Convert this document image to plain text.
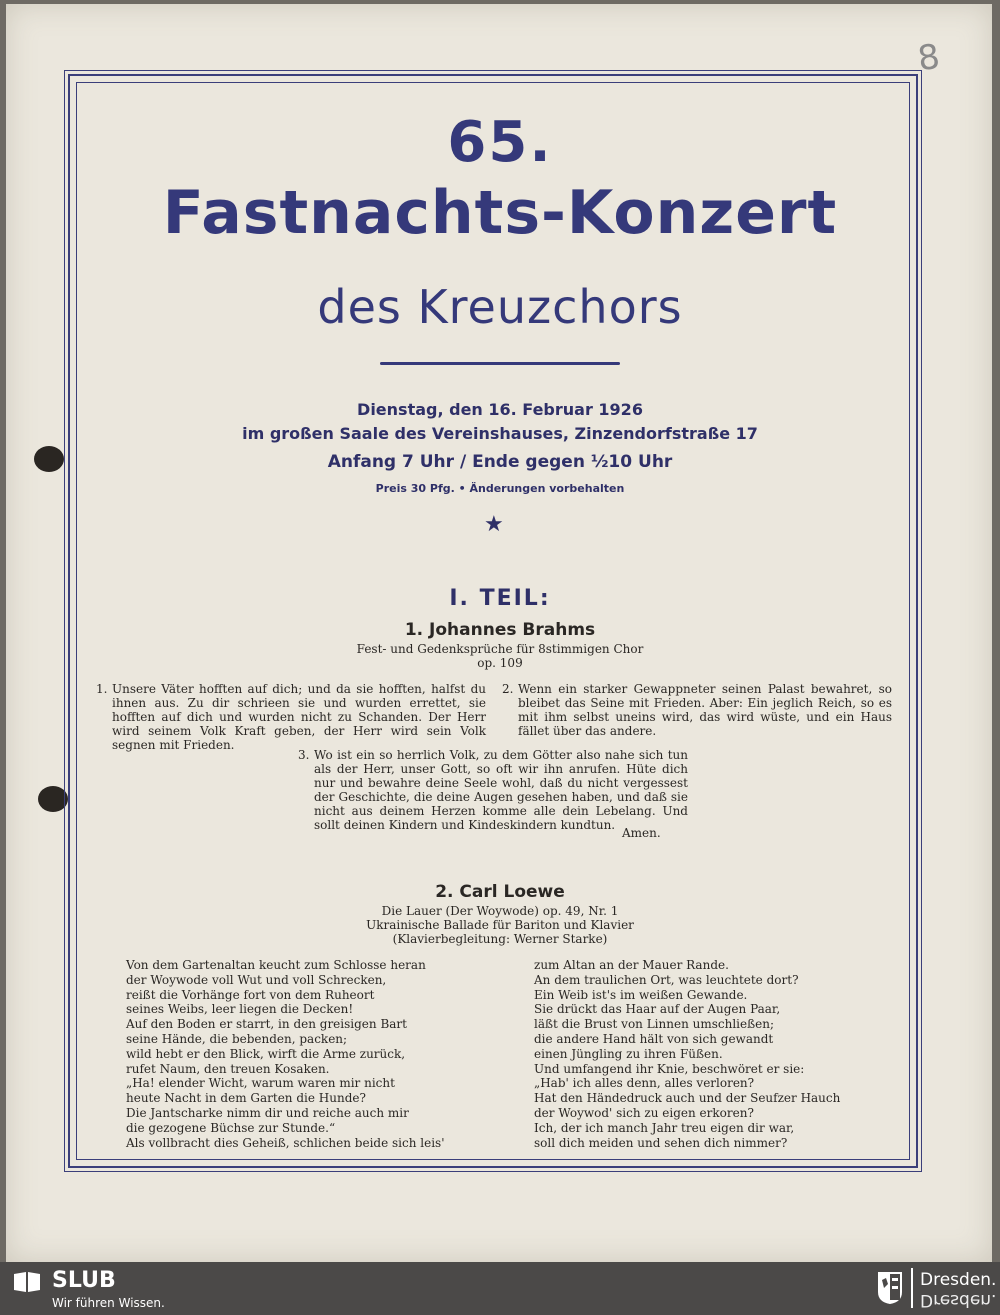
8
65.
Fastnachts-Konzert
des Kreuzchors
Dienstag, den 16. Februar 1926
im großen Saale des Vereinshauses, Zinzendorfstraße 17
Anfang 7 Uhr / Ende gegen ½10 Uhr
Preis 30 Pfg. • Änderungen vorbehalten
★
I. TEIL:
1. Johannes Brahms
Fest- und Gedenksprüche für 8stimmigen Chor
op. 109
1. Unsere Väter hofften auf dich; und da sie hofften, halfst du ihnen aus. Zu dir schrieen sie und wurden errettet, sie hofften auf dich und wurden nicht zu Schanden. Der Herr wird seinem Volk Kraft geben, der Herr wird sein Volk segnen mit Frieden.

2. Wenn ein starker Gewappneter seinen Palast bewahret, so bleibet das Seine mit Frieden. Aber: Ein jeglich Reich, so es mit ihm selbst uneins wird, das wird wüste, und ein Haus fället über das andere.

3. Wo ist ein so herrlich Volk, zu dem Götter also nahe sich tun als der Herr, unser Gott, so oft wir ihn anrufen. Hüte dich nur und bewahre deine Seele wohl, daß du nicht vergessest der Geschichte, die deine Augen gesehen haben, und daß sie nicht aus deinem Herzen komme alle dein Lebelang. Und sollt deinen Kindern und Kindeskindern kundtun.

Amen.
2. Carl Loewe
Die Lauer (Der Woywode) op. 49, Nr. 1
Ukrainische Ballade für Bariton und Klavier
(Klavierbegleitung: Werner Starke)
Von dem Gartenaltan keucht zum Schlosse heran
der Woywode voll Wut und voll Schrecken,
reißt die Vorhänge fort von dem Ruheort
seines Weibs, leer liegen die Decken!
Auf den Boden er starrt, in den greisigen Bart
seine Hände, die bebenden, packen;
wild hebt er den Blick, wirft die Arme zurück,
rufet Naum, den treuen Kosaken.
„Ha! elender Wicht, warum waren mir nicht
heute Nacht in dem Garten die Hunde?
Die Jantscharke nimm dir und reiche auch mir
die gezogene Büchse zur Stunde.“
Als vollbracht dies Geheiß, schlichen beide sich leis'
zum Altan an der Mauer Rande.
An dem traulichen Ort, was leuchtete dort?
Ein Weib ist's im weißen Gewande.
Sie drückt das Haar auf der Augen Paar,
läßt die Brust von Linnen umschließen;
die andere Hand hält von sich gewandt
einen Jüngling zu ihren Füßen.
Und umfangend ihr Knie, beschwöret er sie:
„Hab' ich alles denn, alles verloren?
Hat den Händedruck auch und der Seufzer Hauch
der Woywod' sich zu eigen erkoren?
Ich, der ich manch Jahr treu eigen dir war,
soll dich meiden und sehen dich nimmer?
SLUB
Wir führen Wissen.
Dresden.
Dresden.
